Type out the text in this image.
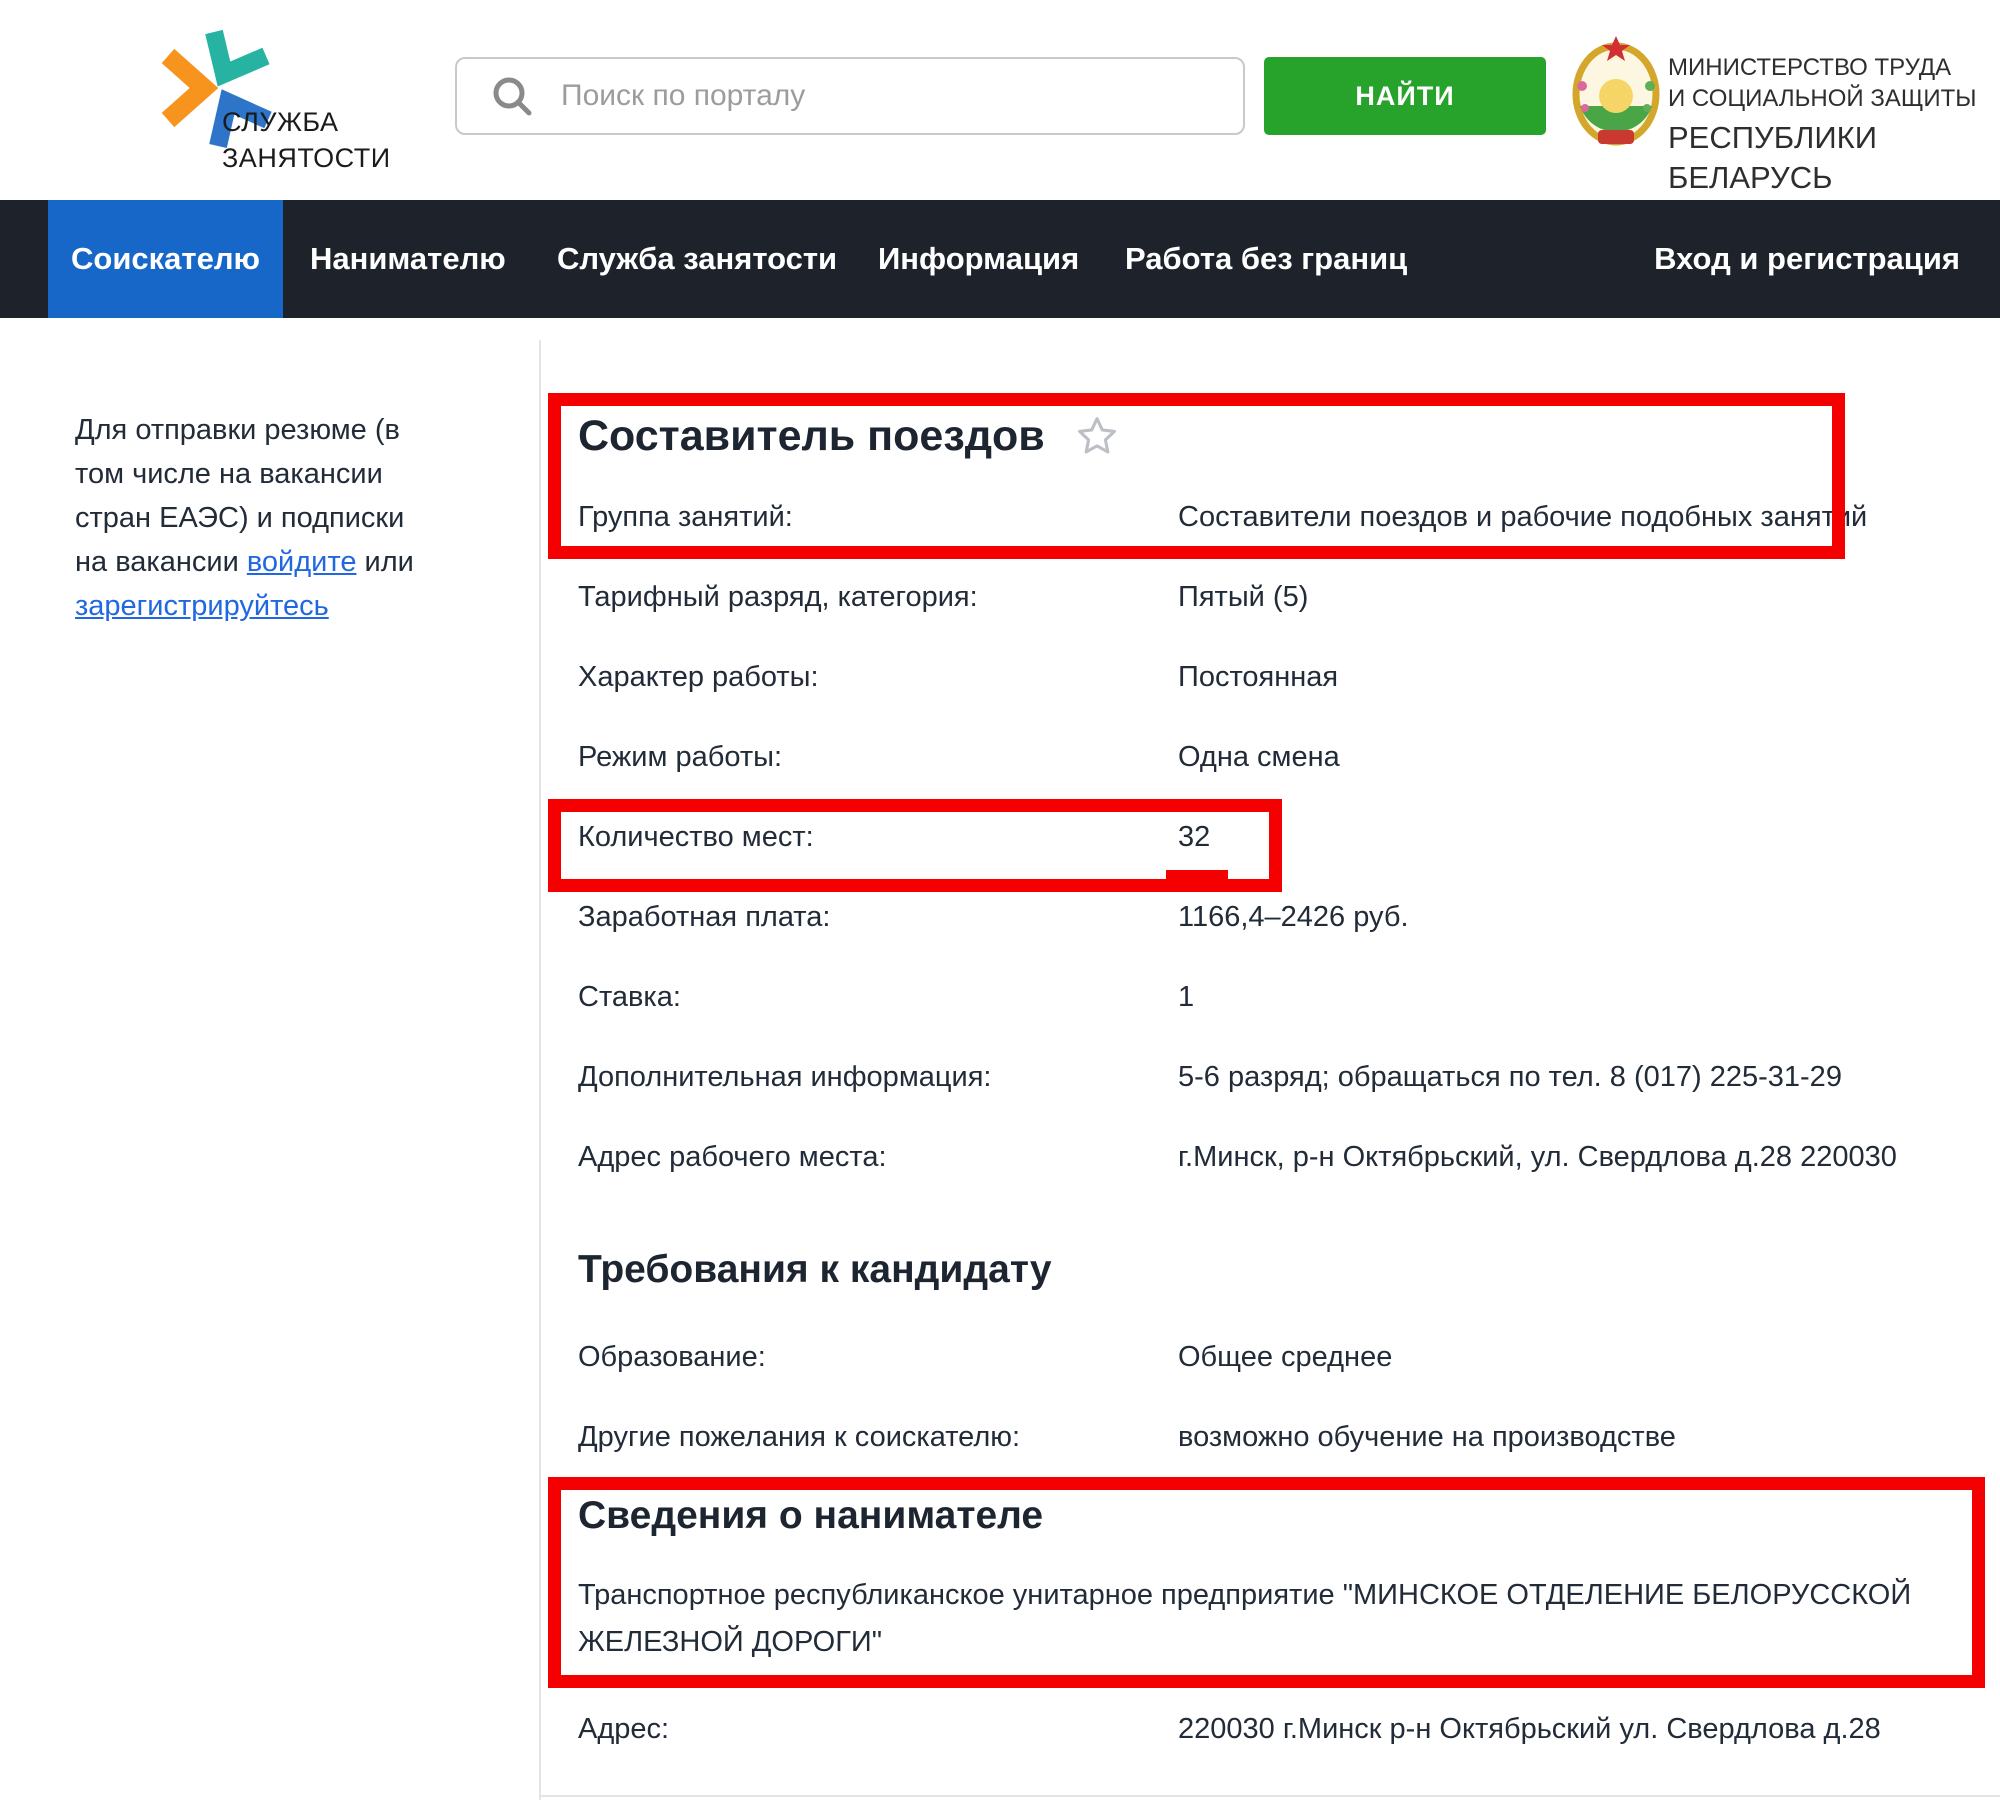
СЛУЖБА
ЗАНЯТОСТИ
Поиск по порталу
НАЙТИ
МИНИСТЕРСТВО ТРУДА
И СОЦИАЛЬНОЙ ЗАЩИТЫ
РЕСПУБЛИКИ БЕЛАРУСЬ
Соискателю	Нанимателю Служба занятости Информация Работа без границ	Вход и регистрация
Для отправки резюме (в том числе на вакансии стран ЕАЭС) и подписки на вакансии войдите или зарегистрируйтесь
Составитель поездов
Группа занятий:	Составители поездов и рабочие подобных занятий
Тарифный разряд, категория:	Пятый (5)
Характер работы:	Постоянная
Режим работы:	Одна смена
Количество мест:	32
Заработная плата:	1166,4–2426 руб.
Ставка:	1
Дополнительная информация:	5-6 разряд; обращаться по тел. 8 (017) 225-31-29
Адрес рабочего места:	г.Минск, р-н Октябрьский, ул. Свердлова д.28 220030
Требования к кандидату
Образование:	Общее среднее
Другие пожелания к соискателю:	возможно обучение на производстве
Сведения о нанимателе
Транспортное республиканское унитарное предприятие "МИНСКОЕ ОТДЕЛЕНИЕ БЕЛОРУССКОЙ ЖЕЛЕЗНОЙ ДОРОГИ"
Адрес:	220030 г.Минск р-н Октябрьский ул. Свердлова д.28
